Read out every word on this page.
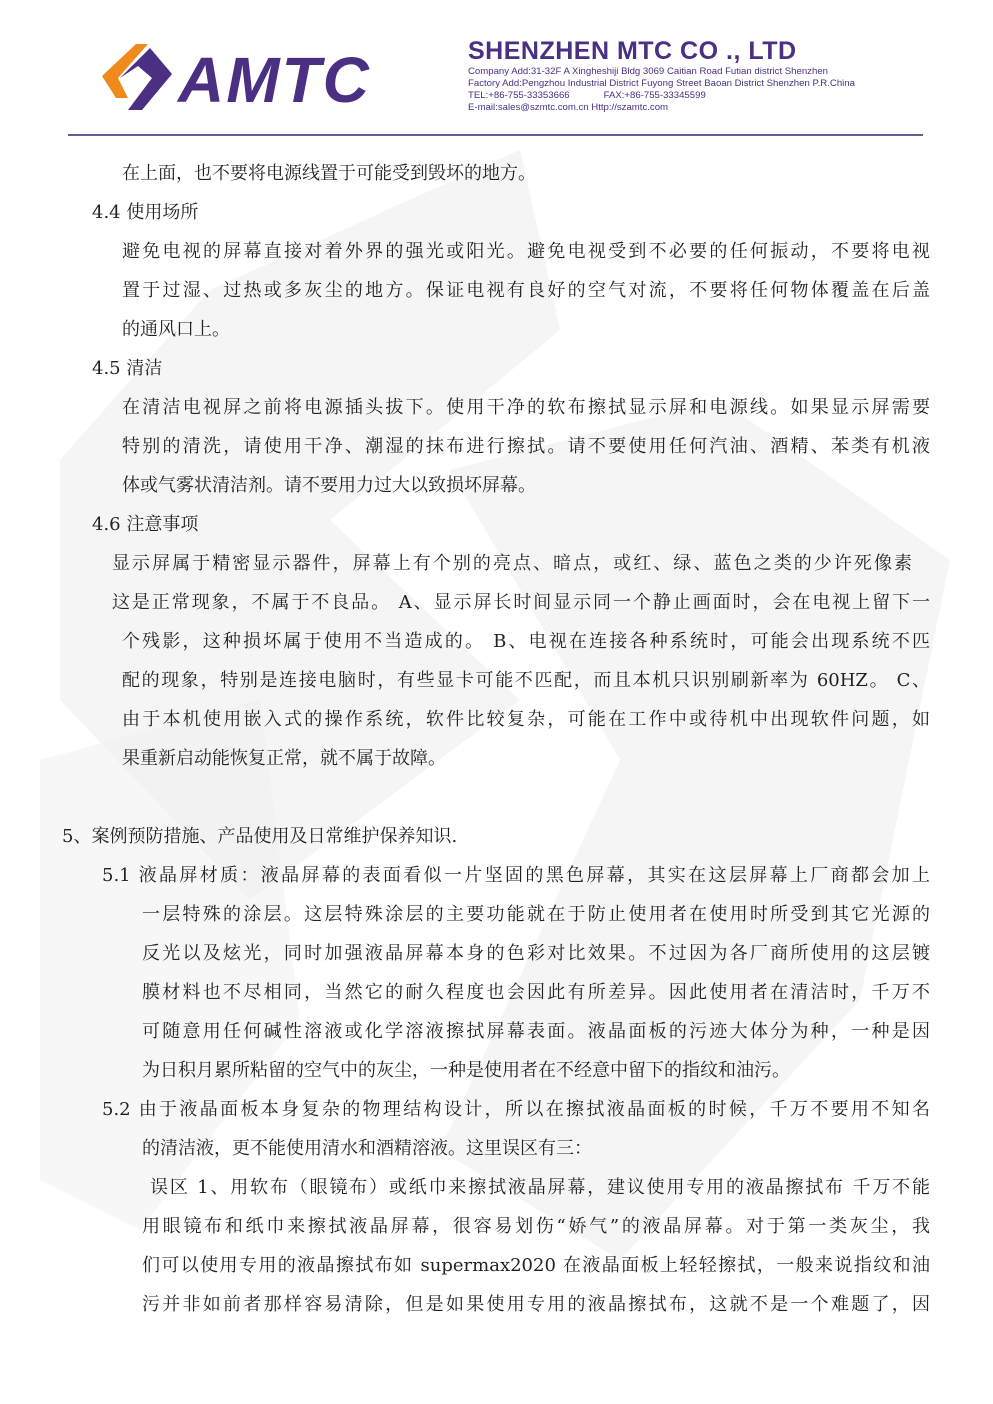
AMTC	SHENZHEN MTC CO ., LTD
Company Add:31-32F A Xingheshiji Bldg 3069 Caitian Road Futian district Shenzhen
Factory Add:Pengzhou Industrial District Fuyong Street Baoan District Shenzhen P.R.China
TEL:+86-755-33353666	FAX:+86-755-33345599
E-mail:sales@szmtc.com.cn Http://szamtc.com
在上面，也不要将电源线置于可能受到毁坏的地方。
4.4 使用场所
避免电视的屏幕直接对着外界的强光或阳光。避免电视受到不必要的任何振动，不要将电视
置于过湿、过热或多灰尘的地方。保证电视有良好的空气对流，不要将任何物体覆盖在后盖
的通风口上。
4.5 清洁
在清洁电视屏之前将电源插头拔下。使用干净的软布擦拭显示屏和电源线。如果显示屏需要
特别的清洗，请使用干净、潮湿的抹布进行擦拭。请不要使用任何汽油、酒精、苯类有机液
体或气雾状清洁剂。请不要用力过大以致损坏屏幕。
4.6 注意事项
显示屏属于精密显示器件，屏幕上有个别的亮点、暗点，或红、绿、蓝色之类的少许死像素
这是正常现象，不属于不良品。 A、显示屏长时间显示同一个静止画面时，会在电视上留下一
个残影，这种损坏属于使用不当造成的。 B、电视在连接各种系统时，可能会出现系统不匹
配的现象，特别是连接电脑时，有些显卡可能不匹配，而且本机只识别刷新率为 60HZ。 C、
由于本机使用嵌入式的操作系统，软件比较复杂，可能在工作中或待机中出现软件问题，如
果重新启动能恢复正常，就不属于故障。
5、案例预防措施、产品使用及日常维护保养知识.
5.1 液晶屏材质：液晶屏幕的表面看似一片坚固的黑色屏幕，其实在这层屏幕上厂商都会加上
一层特殊的涂层。这层特殊涂层的主要功能就在于防止使用者在使用时所受到其它光源的
反光以及炫光，同时加强液晶屏幕本身的色彩对比效果。不过因为各厂商所使用的这层镀
膜材料也不尽相同，当然它的耐久程度也会因此有所差异。因此使用者在清洁时，千万不
可随意用任何碱性溶液或化学溶液擦拭屏幕表面。液晶面板的污迹大体分为种，一种是因
为日积月累所粘留的空气中的灰尘，一种是使用者在不经意中留下的指纹和油污。
5.2 由于液晶面板本身复杂的物理结构设计，所以在擦拭液晶面板的时候，千万不要用不知名
的清洁液，更不能使用清水和酒精溶液。这里误区有三：
误区 1、用软布（眼镜布）或纸巾来擦拭液晶屏幕，建议使用专用的液晶擦拭布 千万不能
用眼镜布和纸巾来擦拭液晶屏幕，很容易划伤“娇气”的液晶屏幕。对于第一类灰尘，我
们可以使用专用的液晶擦拭布如 supermax2020 在液晶面板上轻轻擦拭，一般来说指纹和油
污并非如前者那样容易清除，但是如果使用专用的液晶擦拭布，这就不是一个难题了，因
